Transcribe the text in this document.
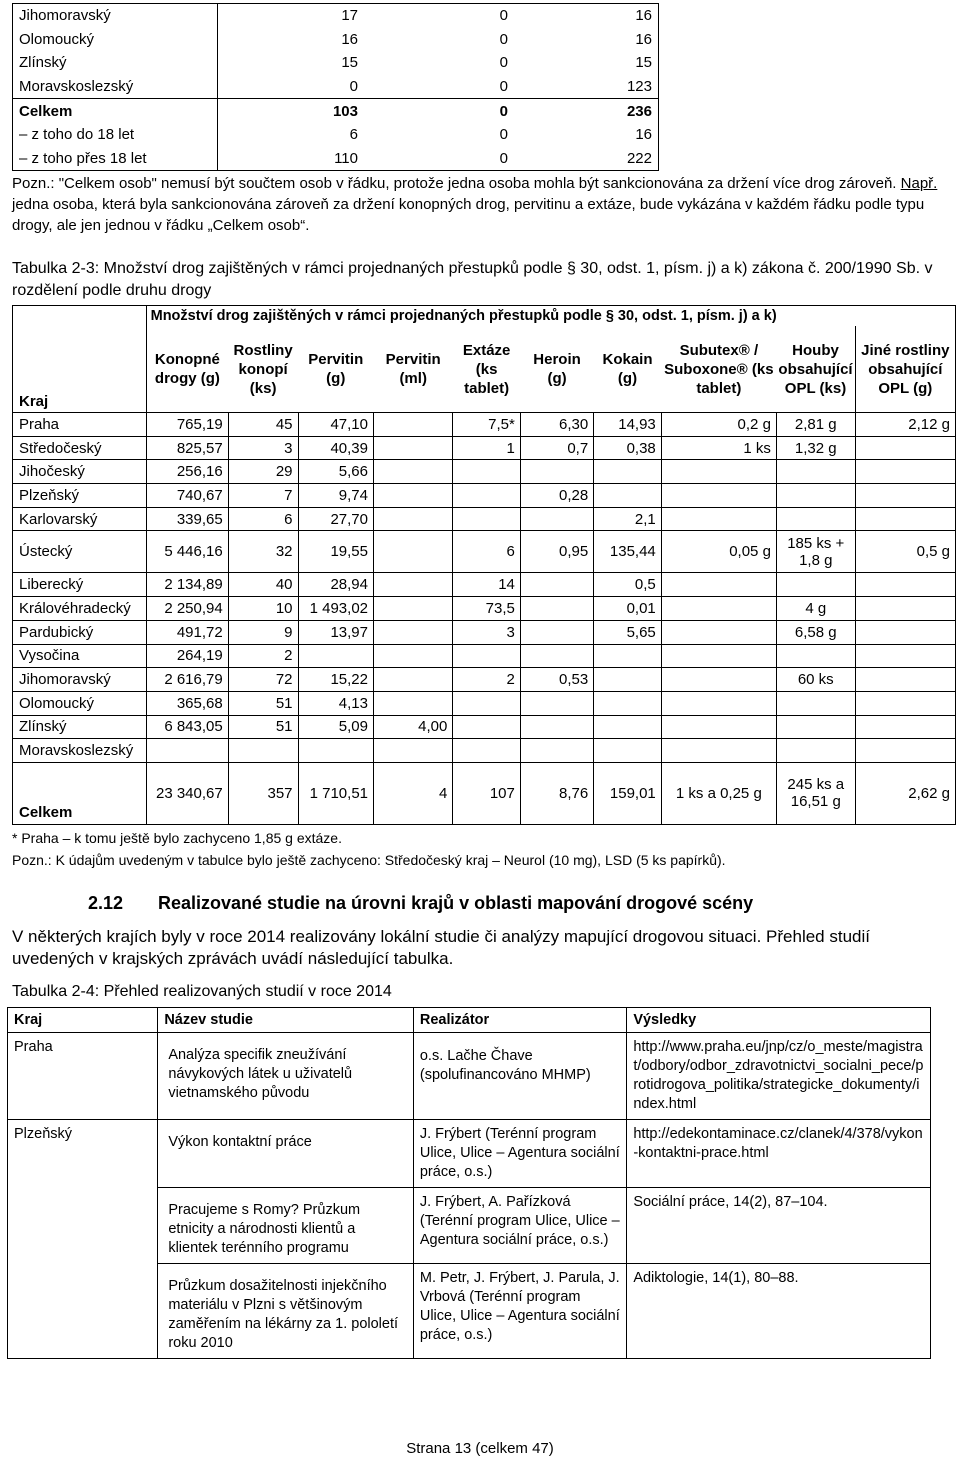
Jihomoravský	17	0	16
Olomoucký	16	0	16
Zlínský	15	0	15
Moravskoslezský	0	0	123
Celkem	103	0	236
– z toho do 18 let	6	0	16
– z toho přes 18 let	110	0	222
Pozn.: "Celkem osob" nemusí být součtem osob v řádku, protože jedna osoba mohla být sankcionována za držení více drog zároveň. Např. jedna osoba, která byla sankcionována zároveň za držení konopných drog, pervitinu a extáze, bude vykázána v každém řádku podle typu drogy, ale jen jednou v řádku „Celkem osob“.
Tabulka 2-3: Množství drog zajištěných v rámci projednaných přestupků podle § 30, odst. 1, písm. j) a k) zákona č. 200/1990 Sb. v rozdělení podle druhu drogy
Kraj	Množství drog zajištěných v rámci projednaných přestupků podle § 30, odst. 1, písm. j) a k)									
	Konopné drogy (g)	Rostliny konopí (ks)	Pervitin (g)	Pervitin (ml)	Extáze (ks tablet)	Heroin (g)	Kokain (g)	Subutex® / Suboxone® (ks tablet)	Houby obsahující OPL (ks)	Jiné rostliny obsahující OPL (g)
Praha	765,19	45	47,10		7,5*	6,30	14,93	0,2 g	2,81 g	2,12 g
Středočeský	825,57	3	40,39		1	0,7	0,38	1 ks	1,32 g	
Jihočeský	256,16	29	5,66							
Plzeňský	740,67	7	9,74			0,28				
Karlovarský	339,65	6	27,70				2,1			
Ústecký	5 446,16	32	19,55		6	0,95	135,44	0,05 g	185 ks + 1,8 g	0,5 g
Liberecký	2 134,89	40	28,94		14		0,5			
Královéhradecký	2 250,94	10	1 493,02		73,5		0,01		4 g	
Pardubický	491,72	9	13,97		3		5,65		6,58 g	
Vysočina	264,19	2								
Jihomoravský	2 616,79	72	15,22		2	0,53			60 ks	
Olomoucký	365,68	51	4,13							
Zlínský	6 843,05	51	5,09	4,00						
Moravskoslezský										
Celkem	23 340,67	357	1 710,51	4	107	8,76	159,01	1 ks a 0,25 g	245 ks a 16,51 g	2,62 g
* Praha – k tomu ještě bylo zachyceno 1,85 g extáze.
Pozn.: K údajům uvedeným v tabulce bylo ještě zachyceno: Středočeský kraj – Neurol (10 mg), LSD (5 ks papírků).
2.12 Realizované studie na úrovni krajů v oblasti mapování drogové scény
V některých krajích byly v roce 2014 realizovány lokální studie či analýzy mapující drogovou situaci. Přehled studií uvedených v krajských zprávách uvádí následující tabulka.
Tabulka 2-4: Přehled realizovaných studií v roce 2014
Kraj	Název studie	Realizátor	Výsledky
Praha	Analýza specifik zneužívání návykových látek u uživatelů vietnamského původu	o.s. Lačhe Čhave (spolufinancováno MHMP)	http://www.praha.eu/jnp/cz/o_meste/magistrat/odbory/odbor_zdravotnictvi_socialni_pece/protidrogova_politika/strategicke_dokumenty/index.html
Plzeňský	Výkon kontaktní práce	J. Frýbert (Terénní program Ulice, Ulice – Agentura sociální práce, o.s.)	http://edekontaminace.cz/clanek/4/378/vykon-kontaktni-prace.html

	Pracujeme s Romy? Průzkum etnicity a národnosti klientů a klientek terénního programu	J. Frýbert, A. Pařízková (Terénní program Ulice, Ulice – Agentura sociální práce, o.s.)	Sociální práce, 14(2), 87–104.

	Průzkum dosažitelnosti injekčního materiálu v Plzni s většinovým zaměřením na lékárny za 1. pololetí roku 2010	M. Petr, J. Frýbert, J. Parula, J. Vrbová (Terénní program Ulice, Ulice – Agentura sociální práce, o.s.)	Adiktologie, 14(1), 80–88.
Strana 13 (celkem 47)
